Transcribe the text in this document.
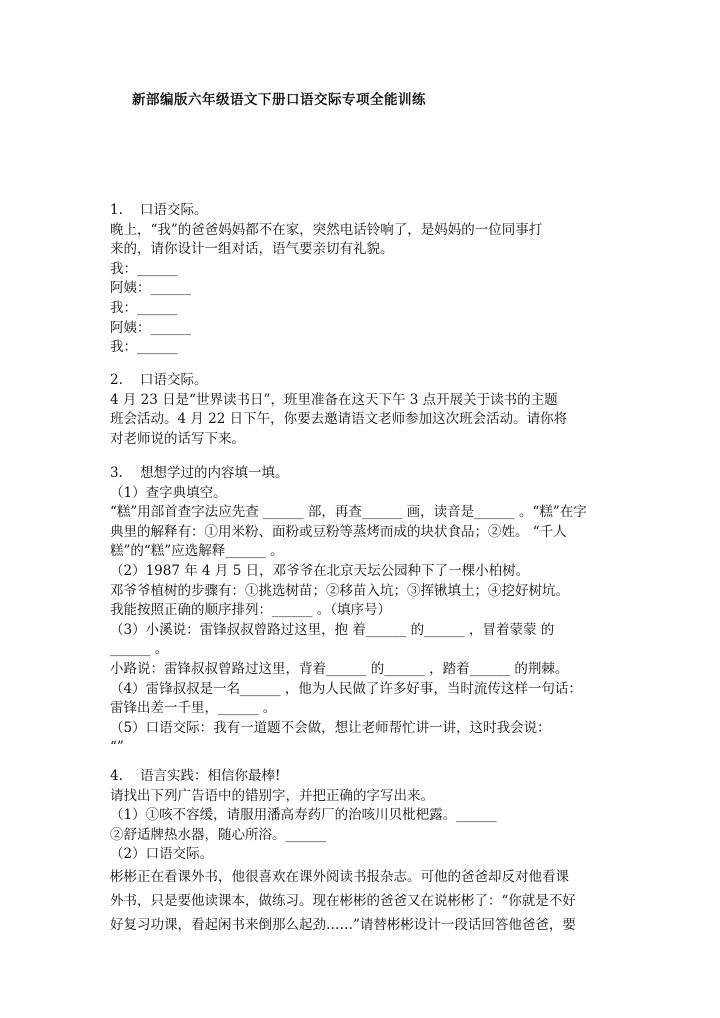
新部编版六年级语文下册口语交际专项全能训练
1. 口语交际。
晚上，“我”的爸爸妈妈都不在家，突然电话铃响了，是妈妈的一位同事打
来的，请你设计一组对话，语气要亲切有礼貌。
我：______
阿姨：______
我：______
阿姨：______
我：______
2. 口语交际。
4 月 23 日是“世界读书日”，班里准备在这天下午 3 点开展关于读书的主题
班会活动。4 月 22 日下午，你要去邀请语文老师参加这次班会活动。请你将
对老师说的话写下来。
3. 想想学过的内容填一填。
（1）查字典填空。
“糕”用部首查字法应先查 ______ 部，再查______ 画，读音是______ 。“糕”在字
典里的解释有：①用米粉、面粉或豆粉等蒸烤而成的块状食品；②姓。 “千人
糕”的“糕”应选解释______ 。
（2）1987 年 4 月 5 日，邓爷爷在北京天坛公园种下了一棵小柏树。
邓爷爷植树的步骤有：①挑选树苗；②移苗入坑；③挥锹填土；④挖好树坑。
我能按照正确的顺序排列：______ 。（填序号）
（3）小溪说：雷锋叔叔曾路过这里，抱 着______ 的______ ，冒着蒙蒙 的
______ 。
小路说：雷锋叔叔曾路过这里，背着______ 的______ ，踏着______ 的荆棘。
（4）雷锋叔叔是一名______ ，他为人民做了许多好事，当时流传这样一句话：
雷锋出差一千里，______ 。
（5）口语交际：我有一道题不会做，想让老师帮忙讲一讲，这时我会说：
“”
4. 语言实践：相信你最棒!
请找出下列广告语中的错别字，并把正确的字写出来。
（1）①咳不容缓，请服用潘高寿药厂的治咳川贝枇杷露。______
②舒适牌热水器，随心所浴。______
（2）口语交际。
彬彬正在看课外书，他很喜欢在课外阅读书报杂志。可他的爸爸却反对他看课
外书，只是要他读课本，做练习。现在彬彬的爸爸又在说彬彬了：“你就是不好
好复习功课，看起闲书来倒那么起劲……”请替彬彬设计一段话回答他爸爸，要
